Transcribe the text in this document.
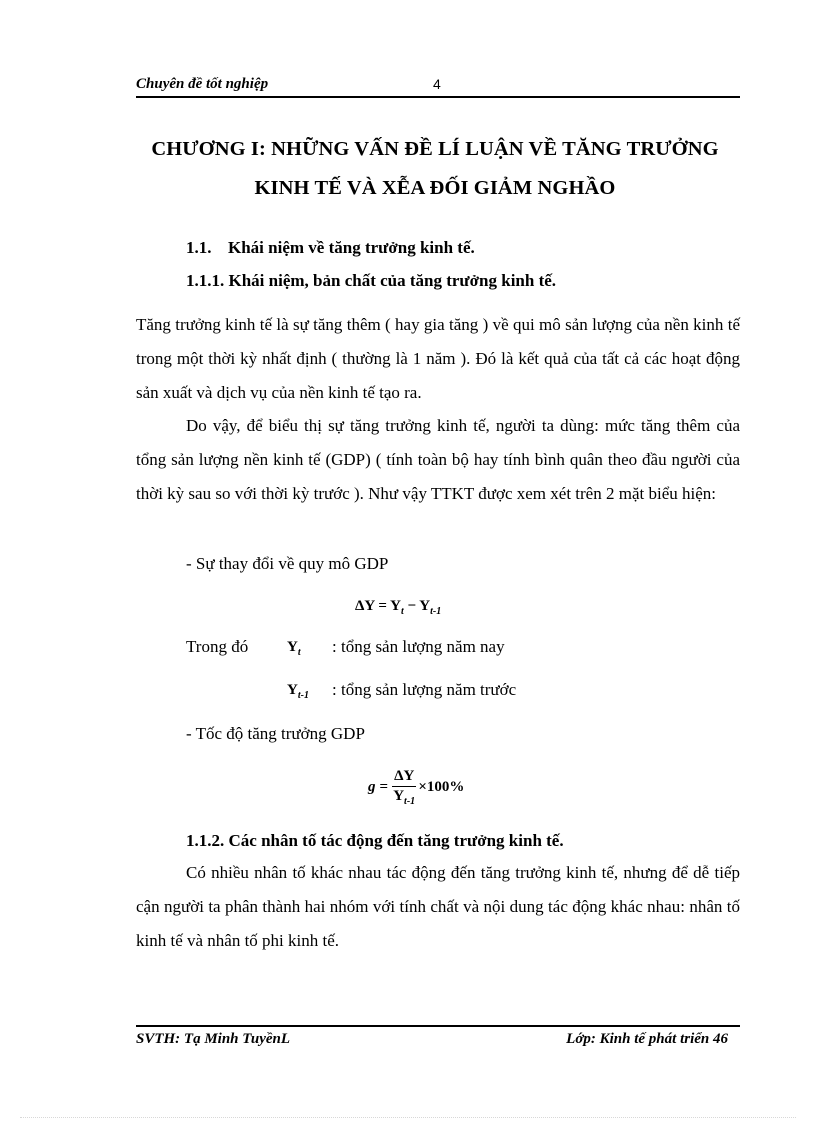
Chuyên đề tốt nghiệp	4
CHƯƠNG I: NHỮNG VẤN ĐỀ LÍ LUẬN VỀ TĂNG TRƯỞNG
KINH TẾ VÀ XỄA ĐỐI GIẢM NGHẦO
1.1. Khái niệm về tăng trưởng kinh tế.
1.1.1. Khái niệm, bản chất của tăng trưởng kinh tế.
Tăng trưởng kinh tế là sự tăng thêm ( hay gia tăng ) về qui mô sản lượng của nền kinh tế trong một thời kỳ nhất định ( thường là 1 năm ). Đó là kết quả của tất cả các hoạt động sản xuất và dịch vụ của nền kinh tế tạo ra.
Do vậy, để biểu thị sự tăng trưởng kinh tế, người ta dùng: mức tăng thêm của tổng sản lượng nền kinh tế (GDP) ( tính toàn bộ hay tính bình quân theo đầu người của thời kỳ sau so với thời kỳ trước ). Như vậy TTKT được xem xét trên 2 mặt biểu hiện:
- Sự thay đổi về quy mô GDP
$\Delta Y = Y_t - Y_{t-1}$
Trong đó	$Y_t$ : tổng sản lượng năm nay
$Y_{t-1}$ : tổng sản lượng năm trước
- Tốc độ tăng trưởng GDP
$g = \frac{\Delta Y}{Y_{t-1}} \times 100\%$
1.1.2. Các nhân tố tác động đến tăng trưởng kinh tế.
Có nhiều nhân tố khác nhau tác động đến tăng trưởng kinh tế, nhưng để dễ tiếp cận người ta phân thành hai nhóm với tính chất và nội dung tác động khác nhau: nhân tố kinh tế và nhân tố phi kinh tế.
SVTH: Tạ Minh TuyềnL	Lớp: Kinh tế phát triển 46
